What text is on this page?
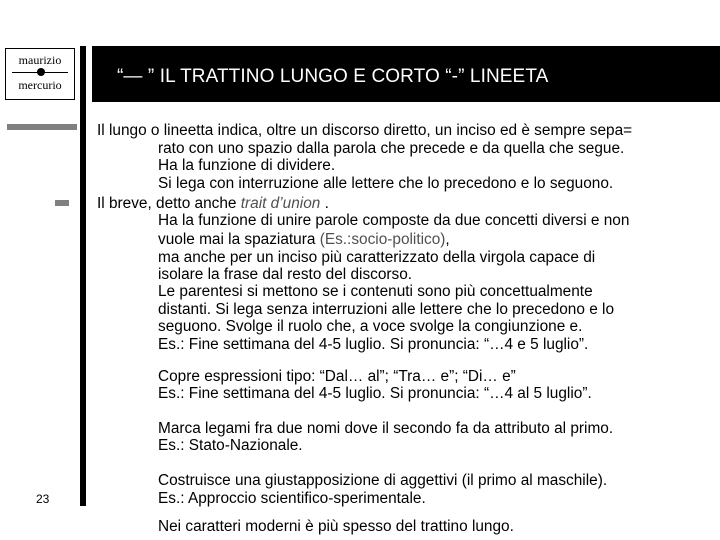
maurizio
mercurio	“— ” IL TRATTINO LUNGO E CORTO “-” LINEETA
23
Il lungo o lineetta indica, oltre un discorso diretto, un inciso ed è sempre sepa=
rato con uno spazio dalla parola che precede e da quella che segue.
Ha la funzione di dividere.
Si lega con interruzione alle lettere che lo precedono e lo seguono.
Il breve, detto anche trait d’union .
Ha la funzione di unire parole composte da due concetti diversi e non
vuole mai la spaziatura (Es.:socio-politico),
ma anche per un inciso più caratterizzato della virgola capace di
isolare la frase dal resto del discorso.
Le parentesi si mettono se i contenuti sono più concettualmente
distanti. Si lega senza interruzioni alle lettere che lo precedono e lo
seguono. Svolge il ruolo che, a voce svolge la congiunzione e.
Es.: Fine settimana del 4-5 luglio. Si pronuncia: “…4 e 5 luglio”.
Copre espressioni tipo: “Dal… al”; “Tra… e”; “Di… e”
Es.: Fine settimana del 4-5 luglio. Si pronuncia: “…4 al 5 luglio”.
Marca legami fra due nomi dove il secondo fa da attributo al primo.
Es.: Stato-Nazionale.
Costruisce una giustapposizione di aggettivi (il primo al maschile).
Es.: Approccio scientifico-sperimentale.
Nei caratteri moderni è più spesso del trattino lungo.
